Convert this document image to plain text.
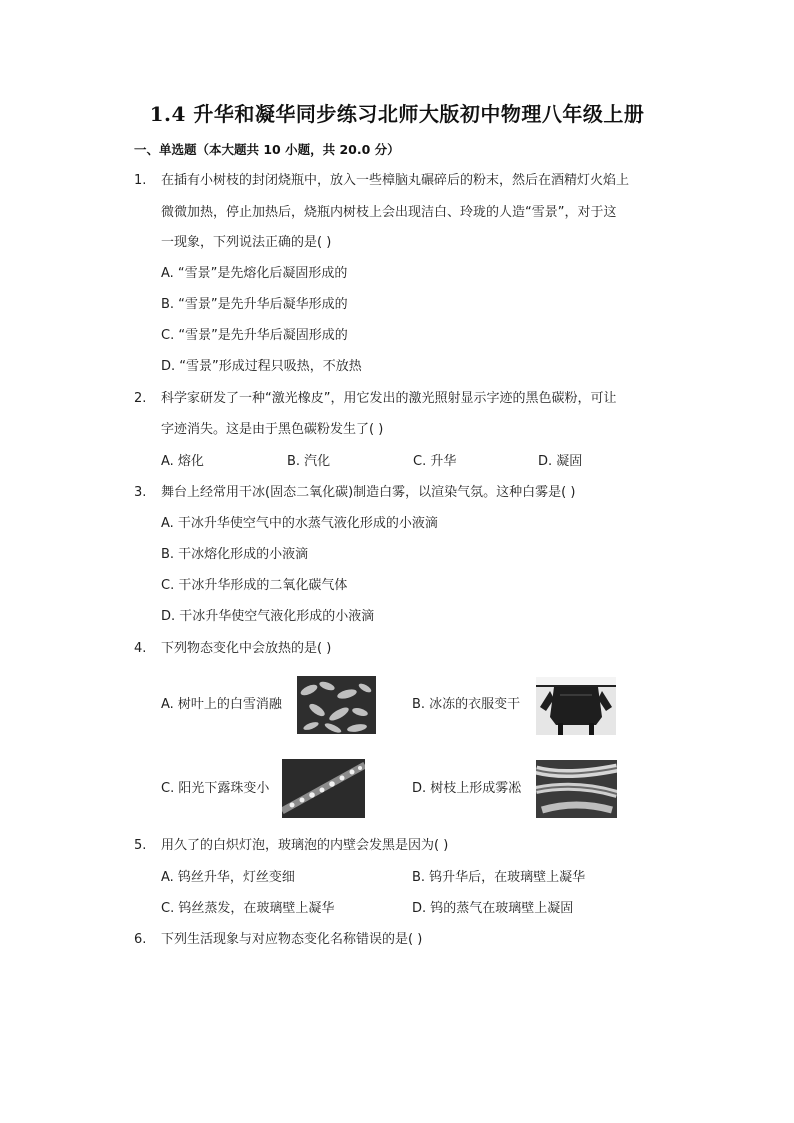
1.4 升华和凝华同步练习北师大版初中物理八年级上册
一、单选题（本大题共 10 小题，共 20.0 分）
1. 在插有小树枝的封闭烧瓶中，放入一些樟脑丸碾碎后的粉末，然后在酒精灯火焰上
微微加热，停止加热后，烧瓶内树枝上会出现洁白、玲珑的人造“雪景”，对于这
一现象，下列说法正确的是( )
A. “雪景”是先熔化后凝固形成的
B. “雪景”是先升华后凝华形成的
C. “雪景”是先升华后凝固形成的
D. “雪景”形成过程只吸热，不放热
2. 科学家研发了一种“激光橡皮”，用它发出的激光照射显示字迹的黑色碳粉，可让
字迹消失。这是由于黑色碳粉发生了( )
A. 熔化	B. 汽化	C. 升华	D. 凝固
3. 舞台上经常用干冰(固态二氧化碳)制造白雾，以渲染气氛。这种白雾是( )
A. 干冰升华使空气中的水蒸气液化形成的小液滴
B. 干冰熔化形成的小液滴
C. 干冰升华形成的二氧化碳气体
D. 干冰升华使空气液化形成的小液滴
4. 下列物态变化中会放热的是( )
A. 树叶上的白雪消融	B. 冰冻的衣服变干
C. 阳光下露珠变小	D. 树枝上形成雾凇
5. 用久了的白炽灯泡，玻璃泡的内壁会发黑是因为( )
A. 钨丝升华，灯丝变细	B. 钨升华后，在玻璃壁上凝华
C. 钨丝蒸发，在玻璃壁上凝华	D. 钨的蒸气在玻璃壁上凝固
6. 下列生活现象与对应物态变化名称错误的是( )
